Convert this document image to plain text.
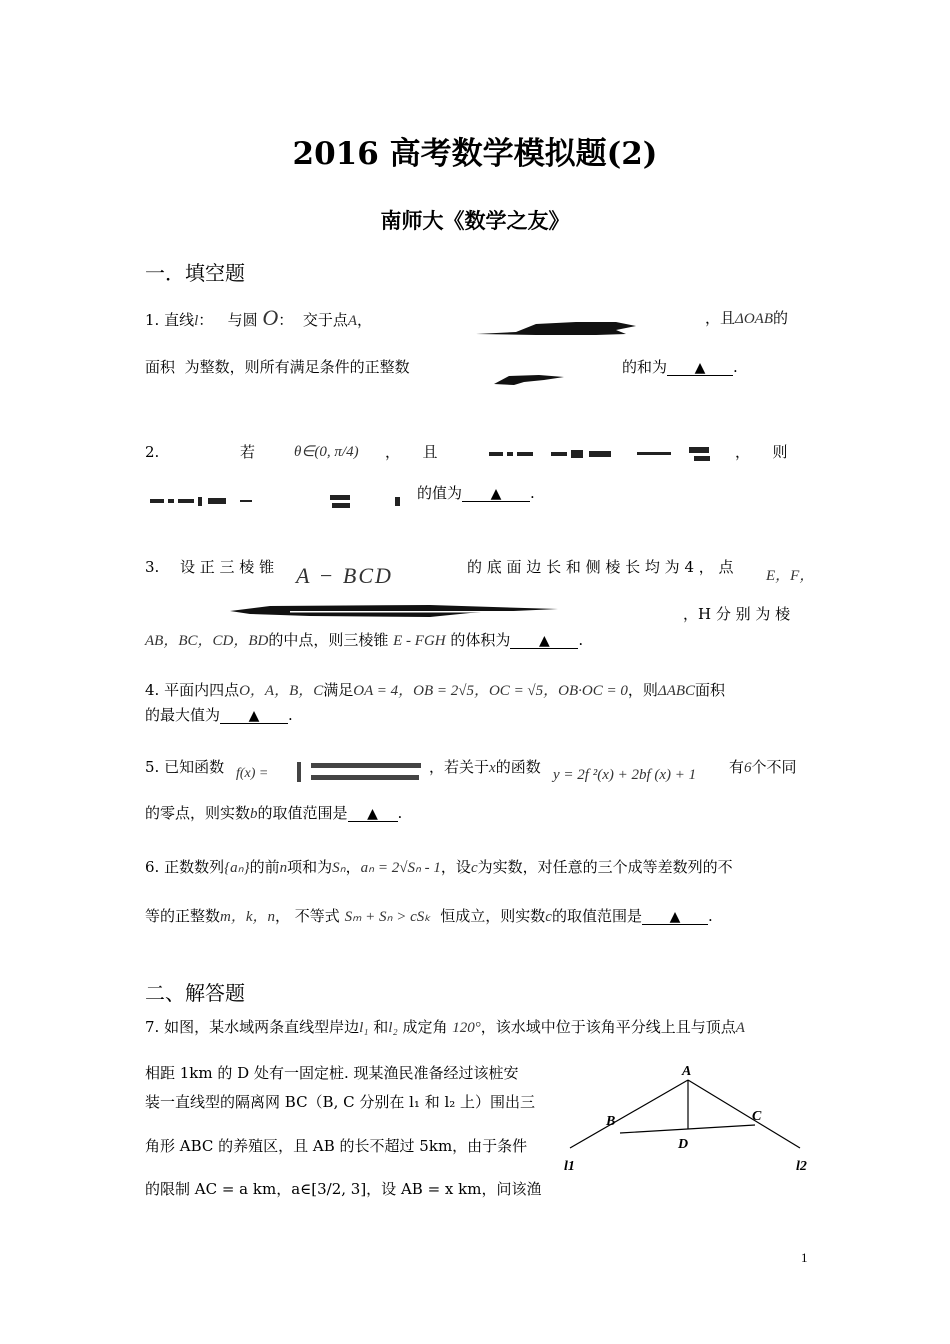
2016 高考数学模拟题(2)
南师大《数学之友》
一．填空题
1. 直线l：   与圆 O：  交于点A，	，且ΔOAB的
面积 为整数，则所有满足条件的正整数	的和为 ▲ .
2.	若	θ∈(0, π/4) ，　　且	，　　则
的值为 ▲ .
3. 设 正 三 棱 锥 A − BCD	的 底 面 边 长 和 侧 棱 长 均 为 4 ， 点 E，F，
，H 分 别 为 棱
AB，BC，CD，BD的中点，则三棱锥 E - FGH 的体积为 ▲ .
4. 平面内四点O，A，B，C满足OA = 4，OB = 2√5，OC = √5，OB·OC = 0，则ΔABC面积
的最大值为 ▲ .
5. 已知函数 f(x) =	，若关于x的函数 y = 2f ²(x) + 2bf (x) + 1 有6个不同
的零点，则实数b的取值范围是 ▲ .
6. 正数数列{aₙ}的前n项和为Sₙ，aₙ = 2√Sₙ - 1，设c为实数，对任意的三个成等差数列的不
等的正整数m，k，n， 不等式 Sₘ + Sₙ > cSₖ 恒成立，则实数c的取值范围是 ▲ .
二、解答题
7. 如图，某水域两条直线型岸边l₁ 和l₂ 成定角 120°，该水域中位于该角平分线上且与顶点A
相距 1km 的 D 处有一固定桩. 现某渔民准备经过该桩安
装一直线型的隔离网 BC（B, C 分别在 l₁ 和 l₂ 上）围出三
角形 ABC 的养殖区，且 AB 的长不超过 5km，由于条件
的限制 AC = a km，a∈[3/2, 3]，设 AB = x km，问该渔
A
B	C
D
l1	l2
1
